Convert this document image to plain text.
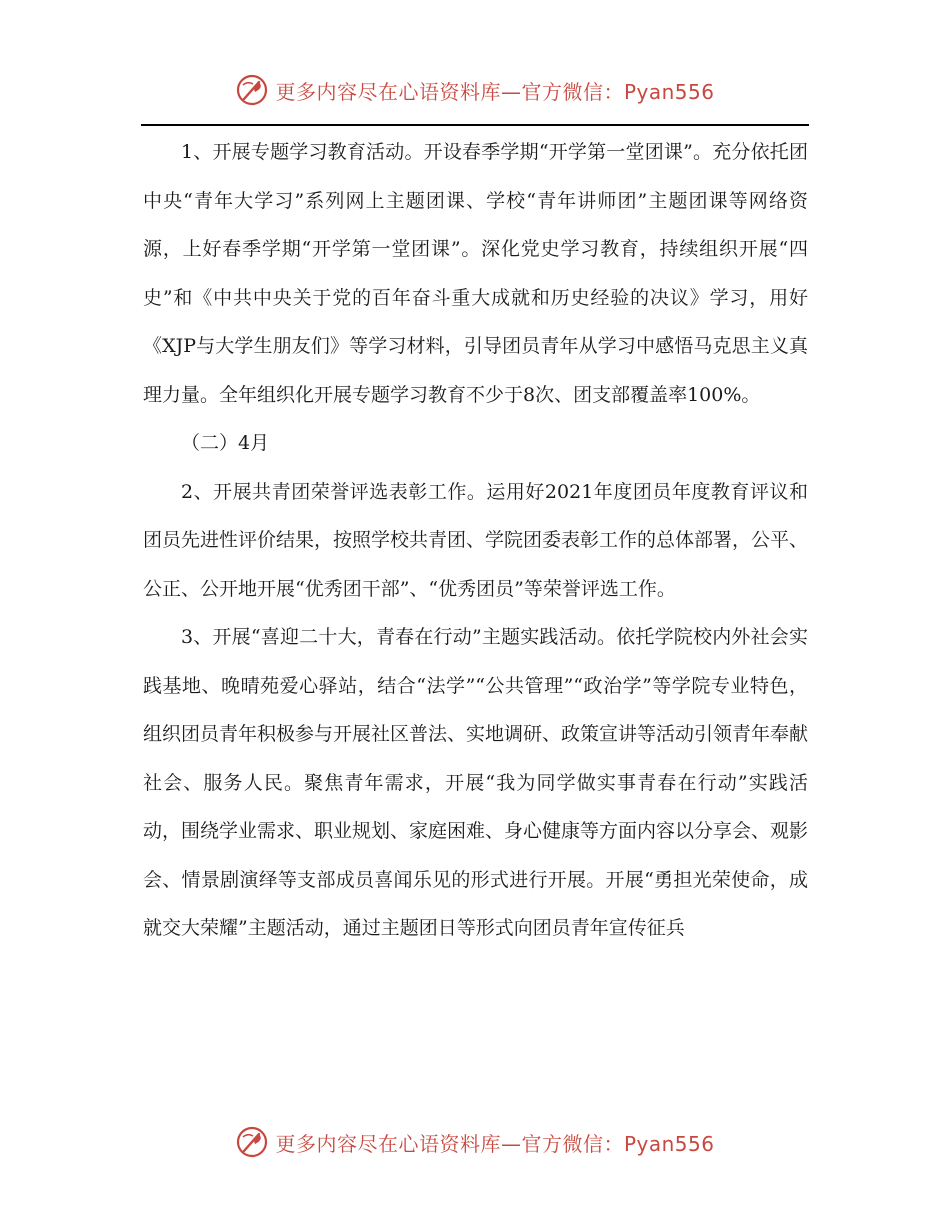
更多内容尽在心语资料库—官方微信：Pyan556

1、开展专题学习教育活动。开设春季学期“开学第一堂团课”。充分依托团中央“青年大学习”系列网上主题团课、学校“青年讲师团”主题团课等网络资源，上好春季学期“开学第一堂团课”。深化党史学习教育，持续组织开展“四史”和《中共中央关于党的百年奋斗重大成就和历史经验的决议》学习，用好《XJP与大学生朋友们》等学习材料，引导团员青年从学习中感悟马克思主义真理力量。全年组织化开展专题学习教育不少于8次、团支部覆盖率100%。

（二）4月

2、开展共青团荣誉评选表彰工作。运用好2021年度团员年度教育评议和团员先进性评价结果，按照学校共青团、学院团委表彰工作的总体部署，公平、公正、公开地开展“优秀团干部”、“优秀团员”等荣誉评选工作。

3、开展“喜迎二十大，青春在行动”主题实践活动。依托学院校内外社会实践基地、晚晴苑爱心驿站，结合“法学”“公共管理”“政治学”等学院专业特色，组织团员青年积极参与开展社区普法、实地调研、政策宣讲等活动引领青年奉献社会、服务人民。聚焦青年需求，开展“我为同学做实事青春在行动”实践活动，围绕学业需求、职业规划、家庭困难、身心健康等方面内容以分享会、观影会、情景剧演绎等支部成员喜闻乐见的形式进行开展。开展“勇担光荣使命，成就交大荣耀”主题活动，通过主题团日等形式向团员青年宣传征兵

更多内容尽在心语资料库—官方微信：Pyan556
